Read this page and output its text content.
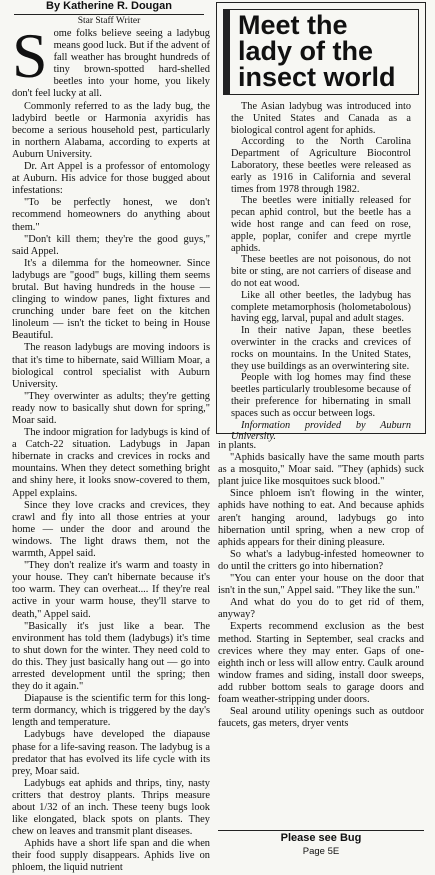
By Katherine R. Dougan
Star Staff Writer

Some folks believe seeing a ladybug means good luck. But if the advent of fall weather has brought hundreds of tiny brown-spotted hard-shelled beetles into your home, you likely don't feel lucky at all.

Commonly referred to as the lady bug, the ladybird beetle or Harmonia axyridis has become a serious household pest, particularly in northern Alabama, according to experts at Auburn University.

Dr. Art Appel is a professor of entomology at Auburn. His advice for those bugged about infestations:

"To be perfectly honest, we don't recommend homeowners do anything about them."

"Don't kill them; they're the good guys," said Appel.

It's a dilemma for the homeowner. Since ladybugs are "good" bugs, killing them seems brutal. But having hundreds in the house — clinging to window panes, light fixtures and crunching under bare feet on the kitchen linoleum — isn't the ticket to being in House Beautiful.

The reason ladybugs are moving indoors is that it's time to hibernate, said William Moar, a biological control specialist with Auburn University.

"They overwinter as adults; they're getting ready now to basically shut down for spring," Moar said.

The indoor migration for ladybugs is kind of a Catch-22 situation. Ladybugs in Japan hibernate in cracks and crevices in rocks and mountains. When they detect something bright and shiny here, it looks snow-covered to them, Appel explains.

Since they love cracks and crevices, they crawl and fly into all those entries at your home — under the door and around the windows. The light draws them, not the warmth, Appel said.

"They don't realize it's warm and toasty in your house. They can't hibernate because it's too warm. They can overheat.... If they're real active in your warm house, they'll starve to death," Appel said.

"Basically it's just like a bear. The environment has told them (ladybugs) it's time to shut down for the winter. They need cold to do this. They just basically hang out — go into arrested development until the spring; then they do it again."

Diapause is the scientific term for this long-term dormancy, which is triggered by the day's length and temperature.

Ladybugs have developed the diapause phase for a life-saving reason. The ladybug is a predator that has evolved its life cycle with its prey, Moar said.

Ladybugs eat aphids and thrips, tiny, nasty critters that destroy plants. Thrips measure about 1/32 of an inch. These teeny bugs look like elongated, black spots on plants. They chew on leaves and transmit plant diseases.

Aphids have a short life span and die when their food supply disappears. Aphids live on phloem, the liquid nutrient

Meet the
lady of the
insect world

The Asian ladybug was introduced into the United States and Canada as a biological control agent for aphids.

According to the North Carolina Department of Agriculture Biocontrol Laboratory, these beetles were released as early as 1916 in California and several times from 1978 through 1982.

The beetles were initially released for pecan aphid control, but the beetle has a wide host range and can feed on rose, apple, poplar, conifer and crepe myrtle aphids.

These beetles are not poisonous, do not bite or sting, are not carriers of disease and do not eat wood.

Like all other beetles, the ladybug has complete metamorphosis (holometabolous) having egg, larval, pupal and adult stages.

In their native Japan, these beetles overwinter in the cracks and crevices of rocks on mountains. In the United States, they use buildings as an overwintering site.

People with log homes may find these beetles particularly troublesome because of their preference for hibernating in small spaces such as occur between logs.

Information provided by Auburn University.

in plants.

"Aphids basically have the same mouth parts as a mosquito," Moar said. "They (aphids) suck plant juice like mosquitoes suck blood."

Since phloem isn't flowing in the winter, aphids have nothing to eat. And because aphids aren't hanging around, ladybugs go into hibernation until spring, when a new crop of aphids appears for their dining pleasure.

So what's a ladybug-infested homeowner to do until the critters go into hibernation?

"You can enter your house on the door that isn't in the sun," Appel said. "They like the sun."

And what do you do to get rid of them, anyway?

Experts recommend exclusion as the best method. Starting in September, seal cracks and crevices where they may enter. Gaps of one-eighth inch or less will allow entry. Caulk around window frames and siding, install door sweeps, add rubber bottom seals to garage doors and foam weather-stripping under doors.

Seal around utility openings such as outdoor faucets, gas meters, dryer vents

Please see Bug
Page 5E
